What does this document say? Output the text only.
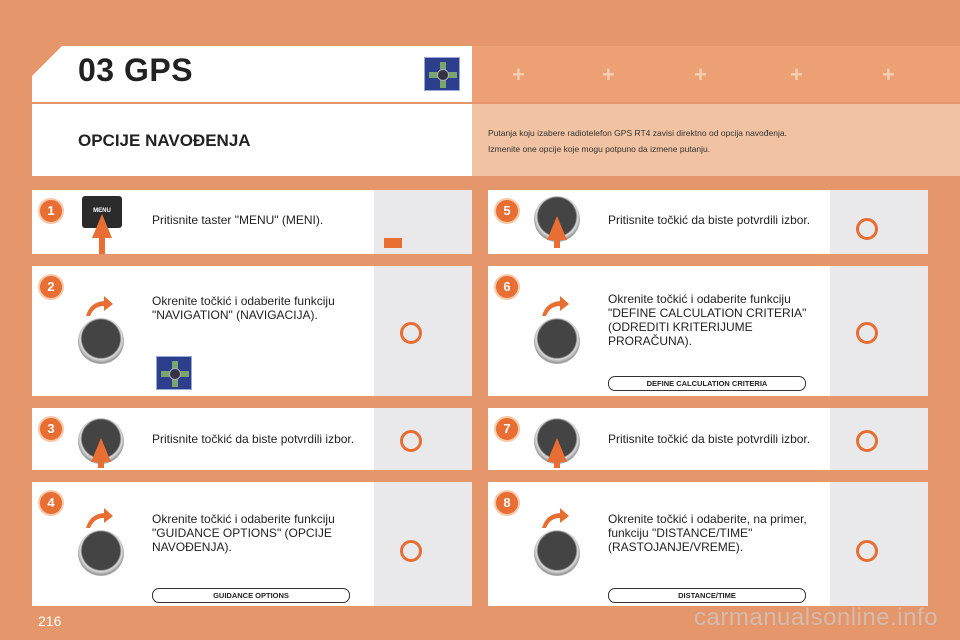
+	+	+	+	+
03 GPS
OPCIJE NAVOĐENJA	Putanja koju izabere radiotelefon GPS RT4 zavisi direktno od opcija navođenja.
Izmenite one opcije koje mogu potpuno da izmene putanju.
1	MENU
Pritisnite taster "MENU" (MENI).
2
Okrenite točkić i odaberite funkciju "NAVIGATION" (NAVIGACIJA).
3
Pritisnite točkić da biste potvrdili izbor.
4
Okrenite točkić i odaberite funkciju "GUIDANCE OPTIONS" (OPCIJE NAVOĐENJA).
GUIDANCE OPTIONS
5
Pritisnite točkić da biste potvrdili izbor.
6
Okrenite točkić i odaberite funkciju "DEFINE CALCULATION CRITERIA" (ODREDITI KRITERIJUME PRORAČUNA).
DEFINE CALCULATION CRITERIA
7
Pritisnite točkić da biste potvrdili izbor.
8
Okrenite točkić i odaberite, na primer, funkciju "DISTANCE/TIME" (RASTOJANJE/VREME).
DISTANCE/TIME
216	carmanualsonline.info
